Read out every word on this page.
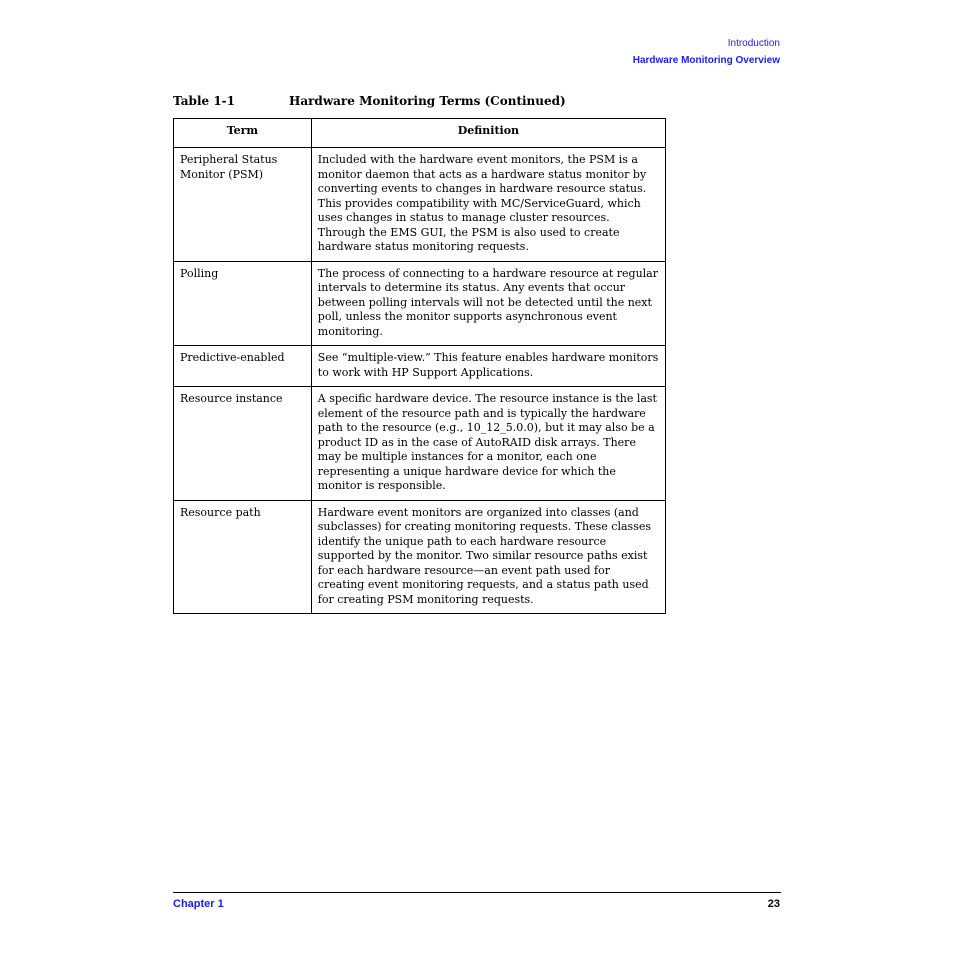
Introduction
Hardware Monitoring Overview
Table 1-1	Hardware Monitoring Terms (Continued)
Term	Definition
Peripheral Status Monitor (PSM)	Included with the hardware event monitors, the PSM is a monitor daemon that acts as a hardware status monitor by converting events to changes in hardware resource status. This provides compatibility with MC/ServiceGuard, which uses changes in status to manage cluster resources. Through the EMS GUI, the PSM is also used to create hardware status monitoring requests.
Polling	The process of connecting to a hardware resource at regular intervals to determine its status. Any events that occur between polling intervals will not be detected until the next poll, unless the monitor supports asynchronous event monitoring.
Predictive-enabled	See “multiple-view.” This feature enables hardware monitors to work with HP Support Applications.
Resource instance	A specific hardware device. The resource instance is the last element of the resource path and is typically the hardware path to the resource (e.g., 10_12_5.0.0), but it may also be a product ID as in the case of AutoRAID disk arrays. There may be multiple instances for a monitor, each one representing a unique hardware device for which the monitor is responsible.
Resource path	Hardware event monitors are organized into classes (and subclasses) for creating monitoring requests. These classes identify the unique path to each hardware resource supported by the monitor. Two similar resource paths exist for each hardware resource—an event path used for creating event monitoring requests, and a status path used for creating PSM monitoring requests.
Chapter 1	23
